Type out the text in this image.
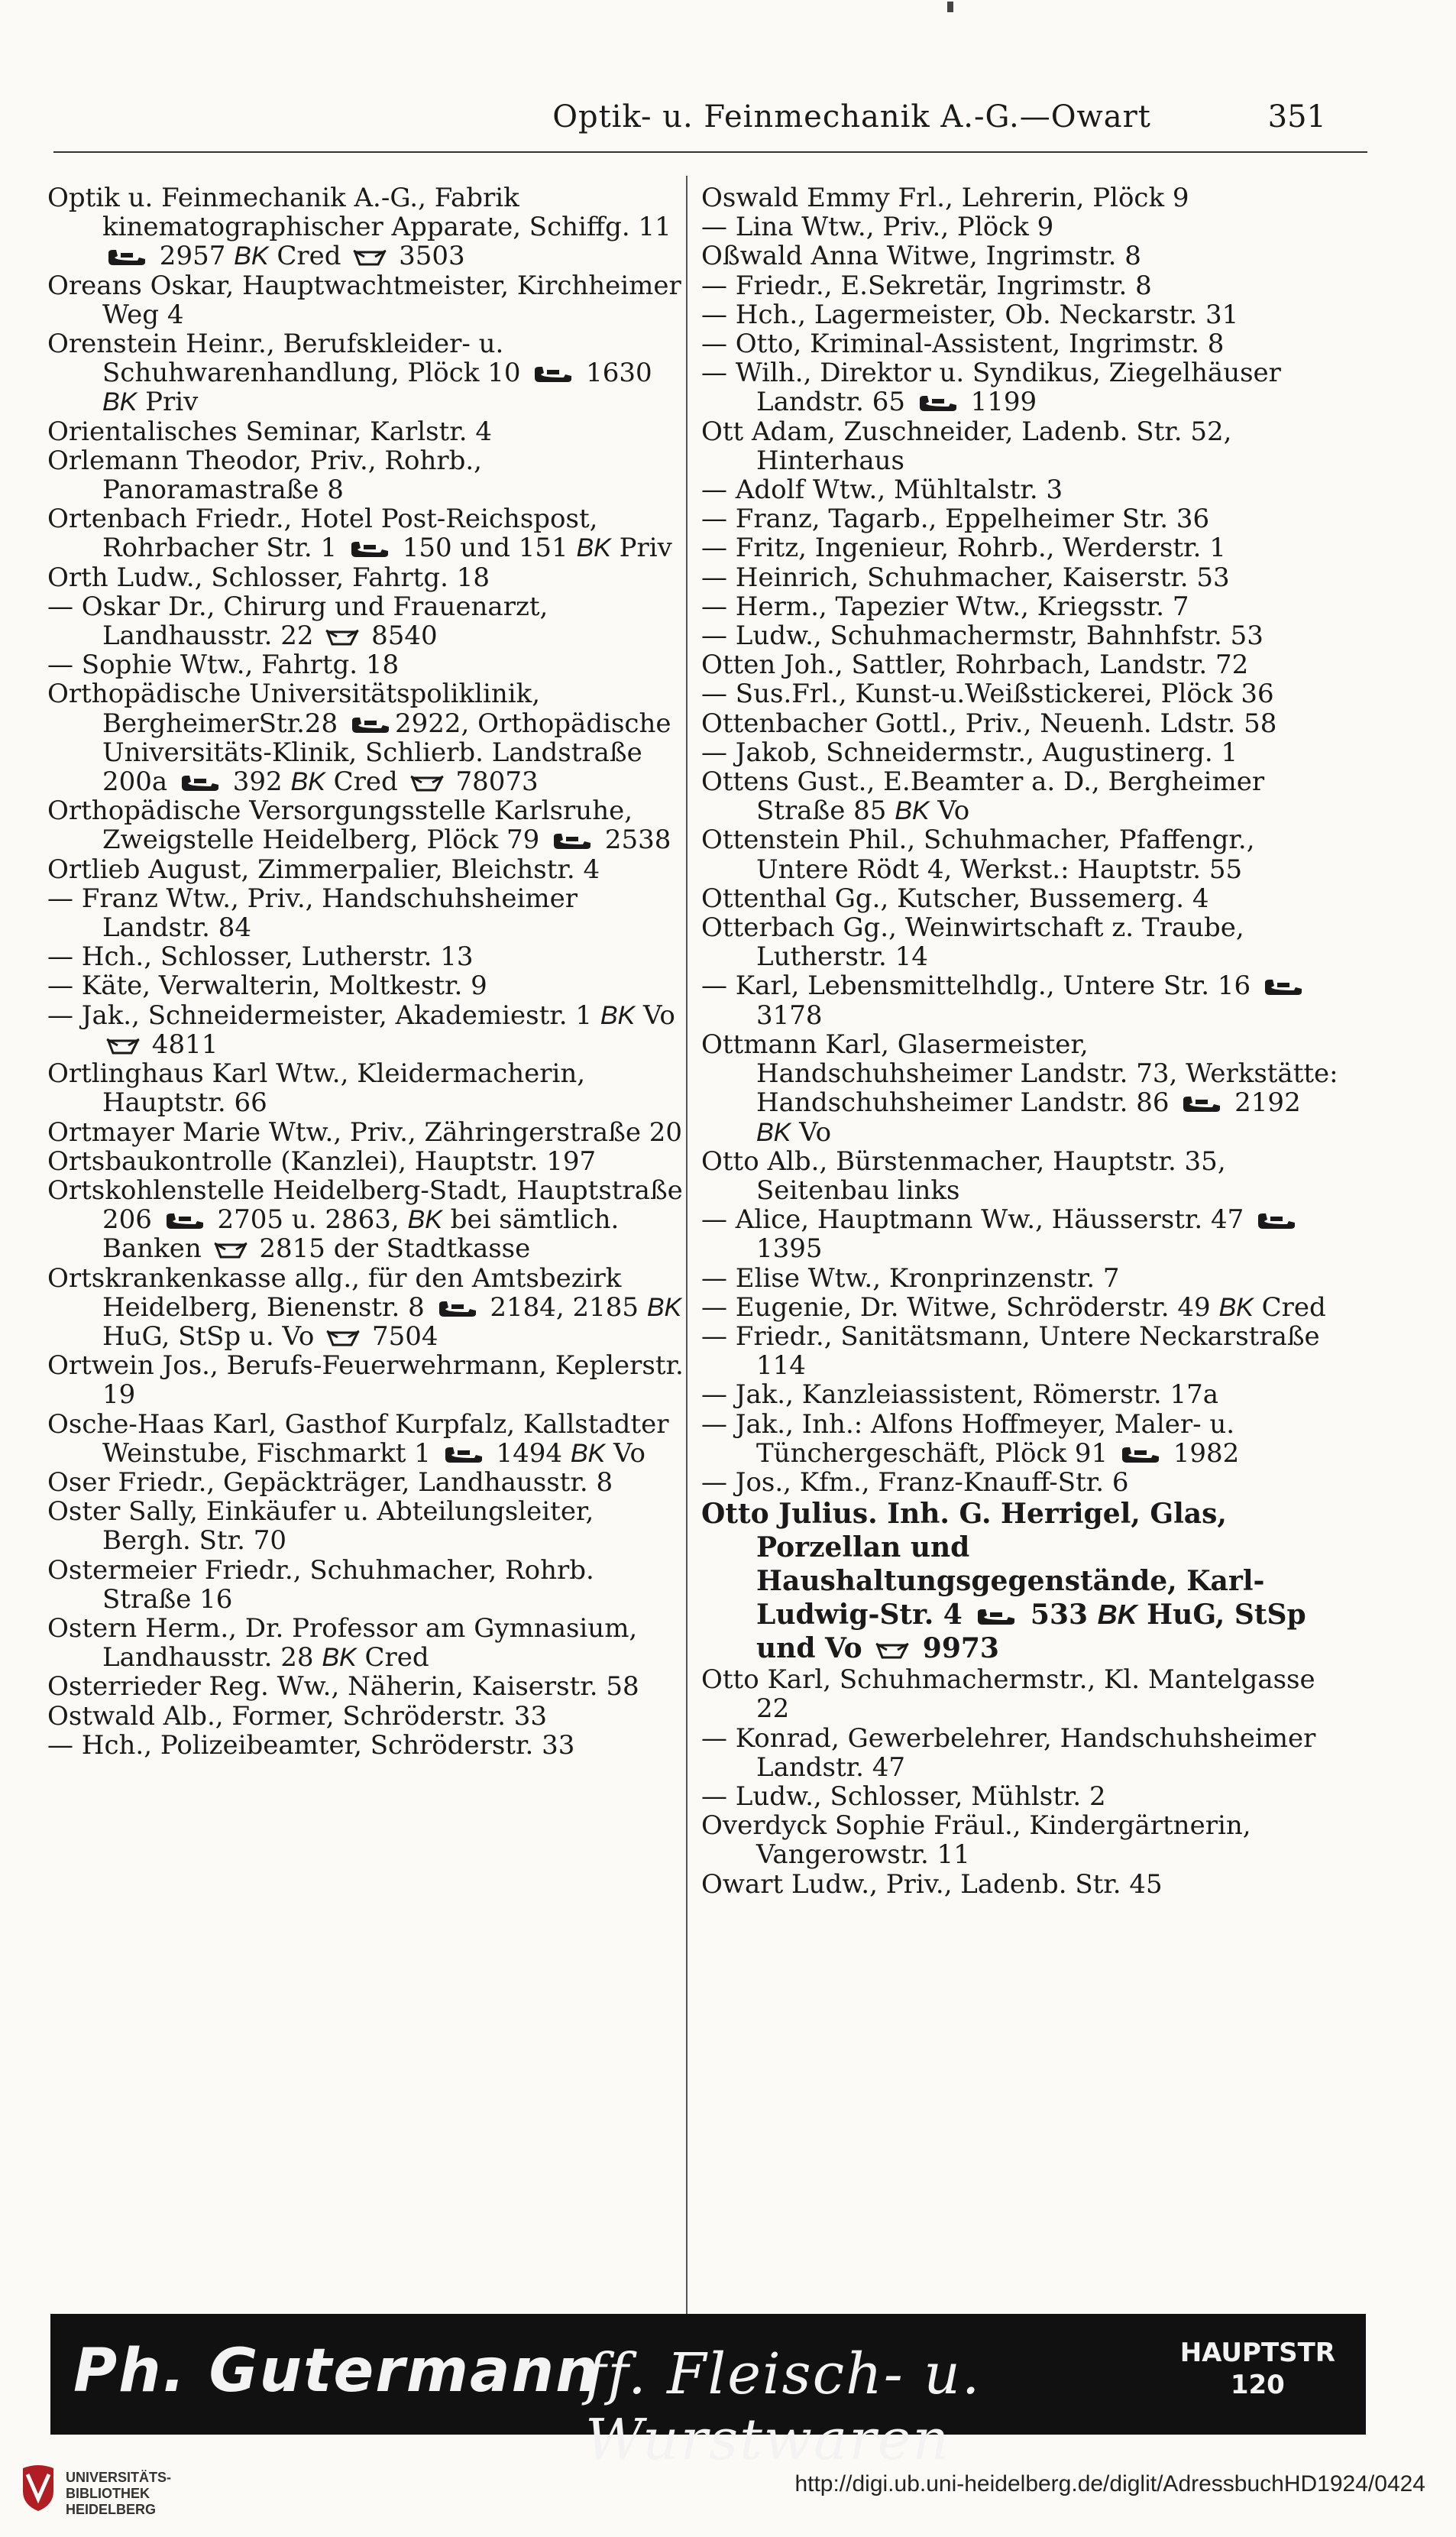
Optik- u. Feinmechanik A.-G.—Owart	351

Optik u. Feinmechanik A.-G., Fabrik kinematographischer Apparate, Schiffg. 11
2957 BK Cred
3503

Oreans Oskar, Hauptwachtmeister, Kirchheimer Weg 4

Orenstein Heinr., Berufskleider- u. Schuhwarenhandlung, Plöck 10
1630 BK Priv

Orientalisches Seminar, Karlstr. 4

Orlemann Theodor, Priv., Rohrb., Panoramastraße 8

Ortenbach Friedr., Hotel Post-Reichspost, Rohrbacher Str. 1
150 und 151 BK Priv

Orth Ludw., Schlosser, Fahrtg. 18

— Oskar Dr., Chirurg und Frauenarzt, Landhausstr. 22
8540

— Sophie Wtw., Fahrtg. 18

Orthopädische Universitätspoliklinik, BergheimerStr.28
2922, Orthopädische Universitäts-Klinik, Schlierb. Landstraße 200a
392 BK Cred
78073

Orthopädische Versorgungsstelle Karlsruhe, Zweigstelle Heidelberg, Plöck 79
2538

Ortlieb August, Zimmerpalier, Bleichstr. 4

— Franz Wtw., Priv., Handschuhsheimer Landstr. 84

— Hch., Schlosser, Lutherstr. 13

— Käte, Verwalterin, Moltkestr. 9

— Jak., Schneidermeister, Akademiestr. 1 BK Vo
4811

Ortlinghaus Karl Wtw., Kleidermacherin, Hauptstr. 66

Ortmayer Marie Wtw., Priv., Zähringerstraße 20

Ortsbaukontrolle (Kanzlei), Hauptstr. 197

Ortskohlenstelle Heidelberg-Stadt, Hauptstraße 206
2705 u. 2863, BK bei sämtlich. Banken
2815 der Stadtkasse

Ortskrankenkasse allg., für den Amtsbezirk Heidelberg, Bienenstr. 8
2184, 2185 BK HuG, StSp u. Vo
7504

Ortwein Jos., Berufs-Feuerwehrmann, Keplerstr. 19

Osche-Haas Karl, Gasthof Kurpfalz, Kallstadter Weinstube, Fischmarkt 1
1494 BK Vo

Oser Friedr., Gepäckträger, Landhausstr. 8

Oster Sally, Einkäufer u. Abteilungsleiter, Bergh. Str. 70

Ostermeier Friedr., Schuhmacher, Rohrb. Straße 16

Ostern Herm., Dr. Professor am Gymnasium, Landhausstr. 28 BK Cred

Osterrieder Reg. Ww., Näherin, Kaiserstr. 58

Ostwald Alb., Former, Schröderstr. 33

— Hch., Polizeibeamter, Schröderstr. 33

Oswald Emmy Frl., Lehrerin, Plöck 9

— Lina Wtw., Priv., Plöck 9

Oßwald Anna Witwe, Ingrimstr. 8

— Friedr., E.Sekretär, Ingrimstr. 8

— Hch., Lagermeister, Ob. Neckarstr. 31

— Otto, Kriminal-Assistent, Ingrimstr. 8

— Wilh., Direktor u. Syndikus, Ziegelhäuser Landstr. 65
1199

Ott Adam, Zuschneider, Ladenb. Str. 52, Hinterhaus

— Adolf Wtw., Mühltalstr. 3

— Franz, Tagarb., Eppelheimer Str. 36

— Fritz, Ingenieur, Rohrb., Werderstr. 1

— Heinrich, Schuhmacher, Kaiserstr. 53

— Herm., Tapezier Wtw., Kriegsstr. 7

— Ludw., Schuhmachermstr, Bahnhfstr. 53

Otten Joh., Sattler, Rohrbach, Landstr. 72

— Sus.Frl., Kunst-u.Weißstickerei, Plöck 36

Ottenbacher Gottl., Priv., Neuenh. Ldstr. 58

— Jakob, Schneidermstr., Augustinerg. 1

Ottens Gust., E.Beamter a. D., Bergheimer Straße 85 BK Vo

Ottenstein Phil., Schuhmacher, Pfaffengr., Untere Rödt 4, Werkst.: Hauptstr. 55

Ottenthal Gg., Kutscher, Bussemerg. 4

Otterbach Gg., Weinwirtschaft z. Traube, Lutherstr. 14

— Karl, Lebensmittelhdlg., Untere Str. 16
3178

Ottmann Karl, Glasermeister, Handschuhsheimer Landstr. 73, Werkstätte: Handschuhsheimer Landstr. 86
2192 BK Vo

Otto Alb., Bürstenmacher, Hauptstr. 35, Seitenbau links

— Alice, Hauptmann Ww., Häusserstr. 47
1395

— Elise Wtw., Kronprinzenstr. 7

— Eugenie, Dr. Witwe, Schröderstr. 49 BK Cred

— Friedr., Sanitätsmann, Untere Neckarstraße 114

— Jak., Kanzleiassistent, Römerstr. 17a

— Jak., Inh.: Alfons Hoffmeyer, Maler- u. Tünchergeschäft, Plöck 91
1982

— Jos., Kfm., Franz-Knauff-Str. 6

Otto Julius. Inh. G. Herrigel, Glas, Porzellan und Haushaltungsgegenstände, Karl-Ludwig-Str. 4
533 BK HuG, StSp und Vo
9973

Otto Karl, Schuhmachermstr., Kl. Mantelgasse 22

— Konrad, Gewerbelehrer, Handschuhsheimer Landstr. 47

— Ludw., Schlosser, Mühlstr. 2

Overdyck Sophie Fräul., Kindergärtnerin, Vangerowstr. 11

Owart Ludw., Priv., Ladenb. Str. 45

Ph. Gutermann
ff. Fleisch- u. Wurstwaren
HAUPTSTR
120
UNIVERSITÄTS-
BIBLIOTHEK
HEIDELBERG
http://digi.ub.uni-heidelberg.de/diglit/AdressbuchHD1924/0424
